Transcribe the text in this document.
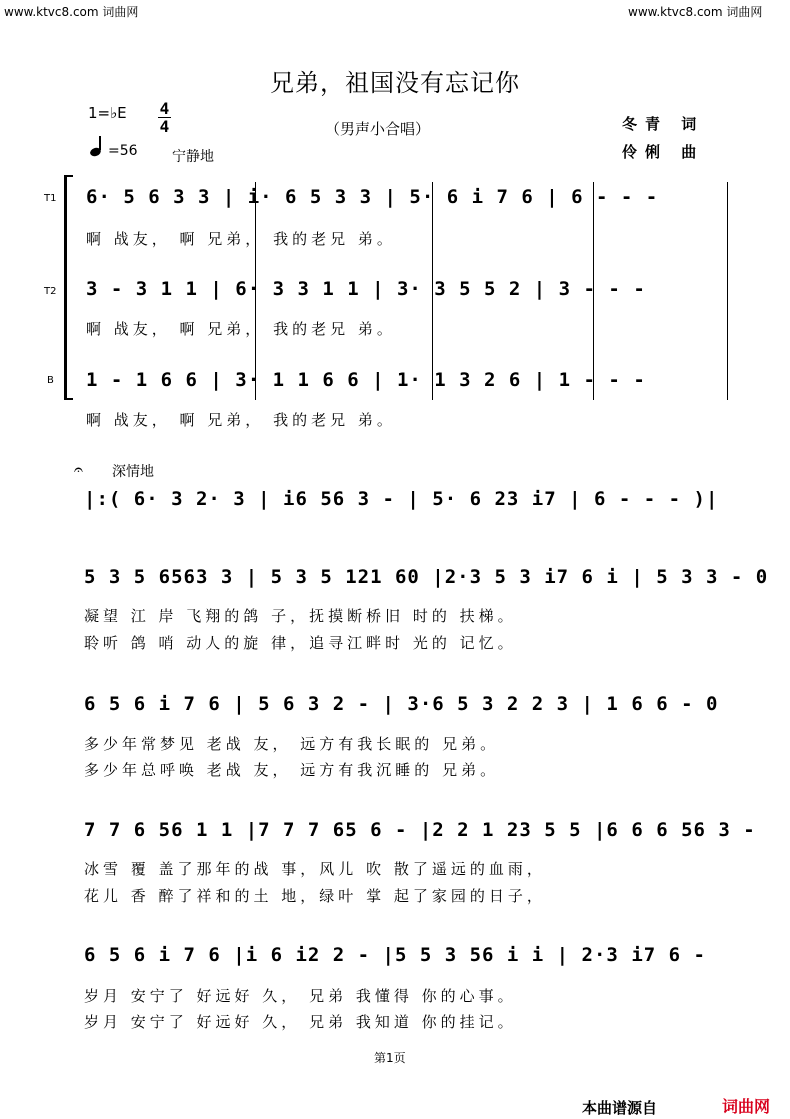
www.ktvc8.com 词曲网	www.ktvc8.com 词曲网
兄弟，祖国没有忘记你
1=♭E 4
4	（男声小合唱）	冬青 词
伶俐 曲
=56 宁静地
T1
T2
B
6· 5 6 3 3 | i· 6 5 3 3 | 5· 6 i 7 6 | 6 - - -
啊 战友， 啊 兄弟， 我的老兄 弟。
3 - 3 1 1 | 6· 3 3 1 1 | 3· 3 5 5 2 | 3 - - -
啊 战友， 啊 兄弟， 我的老兄 弟。
1 - 1 6 6 | 3· 1 1 6 6 | 1· 1 3 2 6 | 1 - - -
啊 战友， 啊 兄弟， 我的老兄 弟。
𝄐 深情地
|:( 6· 3 2· 3 | i6 56 3 - | 5· 6 23 i7 | 6 - - - )|
5 3 5 6563 3 | 5 3 5 121 60 |2·3 5 3 i7 6 i | 5 3 3 - 0
凝望 江 岸 飞翔的鸽 子，抚摸断桥旧 时的 扶梯。
聆听 鸽 哨 动人的旋 律，追寻江畔时 光的 记忆。
6 5 6 i 7 6 | 5 6 3 2 - | 3·6 5 3 2 2 3 | 1 6 6 - 0
多少年常梦见 老战 友， 远方有我长眠的 兄弟。
多少年总呼唤 老战 友， 远方有我沉睡的 兄弟。
7 7 6 56 1 1 |7 7 7 65 6 - |2 2 1 23 5 5 |6 6 6 56 3 -
冰雪 覆 盖了那年的战 事，风儿 吹 散了遥远的血雨，
花儿 香 醉了祥和的土 地，绿叶 掌 起了家园的日子，
6 5 6 i 7 6 |i 6 i2 2 - |5 5 3 56 i i | 2·3 i7 6 -
岁月 安宁了 好远好 久， 兄弟 我懂得 你的心事。
岁月 安宁了 好远好 久， 兄弟 我知道 你的挂记。
第1页
本曲谱源自	词曲网
